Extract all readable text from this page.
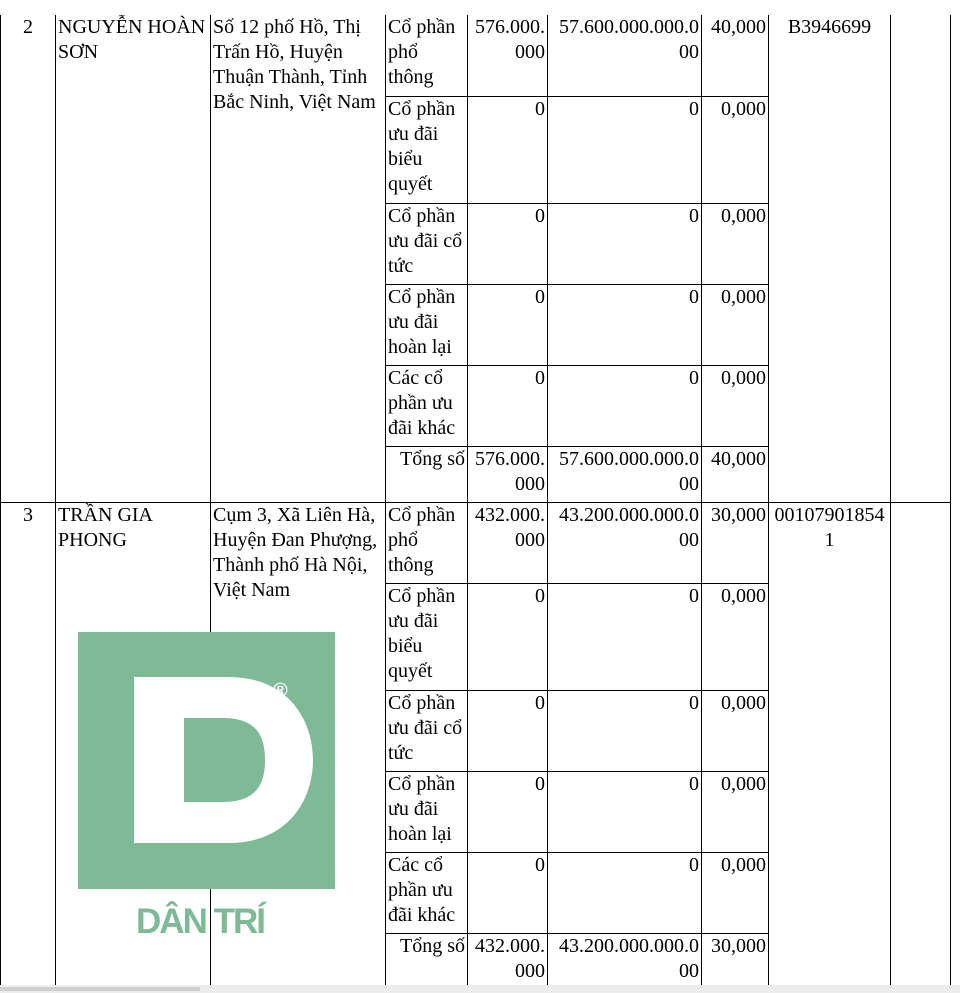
2	NGUYỄN HOÀN SƠN	Số 12 phố Hồ, Thị Trấn Hồ, Huyện Thuận Thành, Tỉnh Bắc Ninh, Việt Nam	Cổ phần phổ thông	576.000.000	57.600.000.000.000	40,000	B3946699	
			Cổ phần ưu đãi biểu quyết	0	0	0,000		
			Cổ phần ưu đãi cổ tức	0	0	0,000		
			Cổ phần ưu đãi hoàn lại	0	0	0,000		
			Các cổ phần ưu đãi khác	0	0	0,000		
			Tổng số	576.000.000	57.600.000.000.000	40,000		
3	TRẦN GIA PHONG	Cụm 3, Xã Liên Hà, Huyện Đan Phượng, Thành phố Hà Nội, Việt Nam	Cổ phần phổ thông	432.000.000	43.200.000.000.000	30,000	001079018541	
			Cổ phần ưu đãi biểu quyết	0	0	0,000		
			Cổ phần ưu đãi cổ tức	0	0	0,000		
			Cổ phần ưu đãi hoàn lại	0	0	0,000		
			Các cổ phần ưu đãi khác	0	0	0,000		
			Tổng số	432.000.000	43.200.000.000.000	30,000		
®
DÂN TRÍ
